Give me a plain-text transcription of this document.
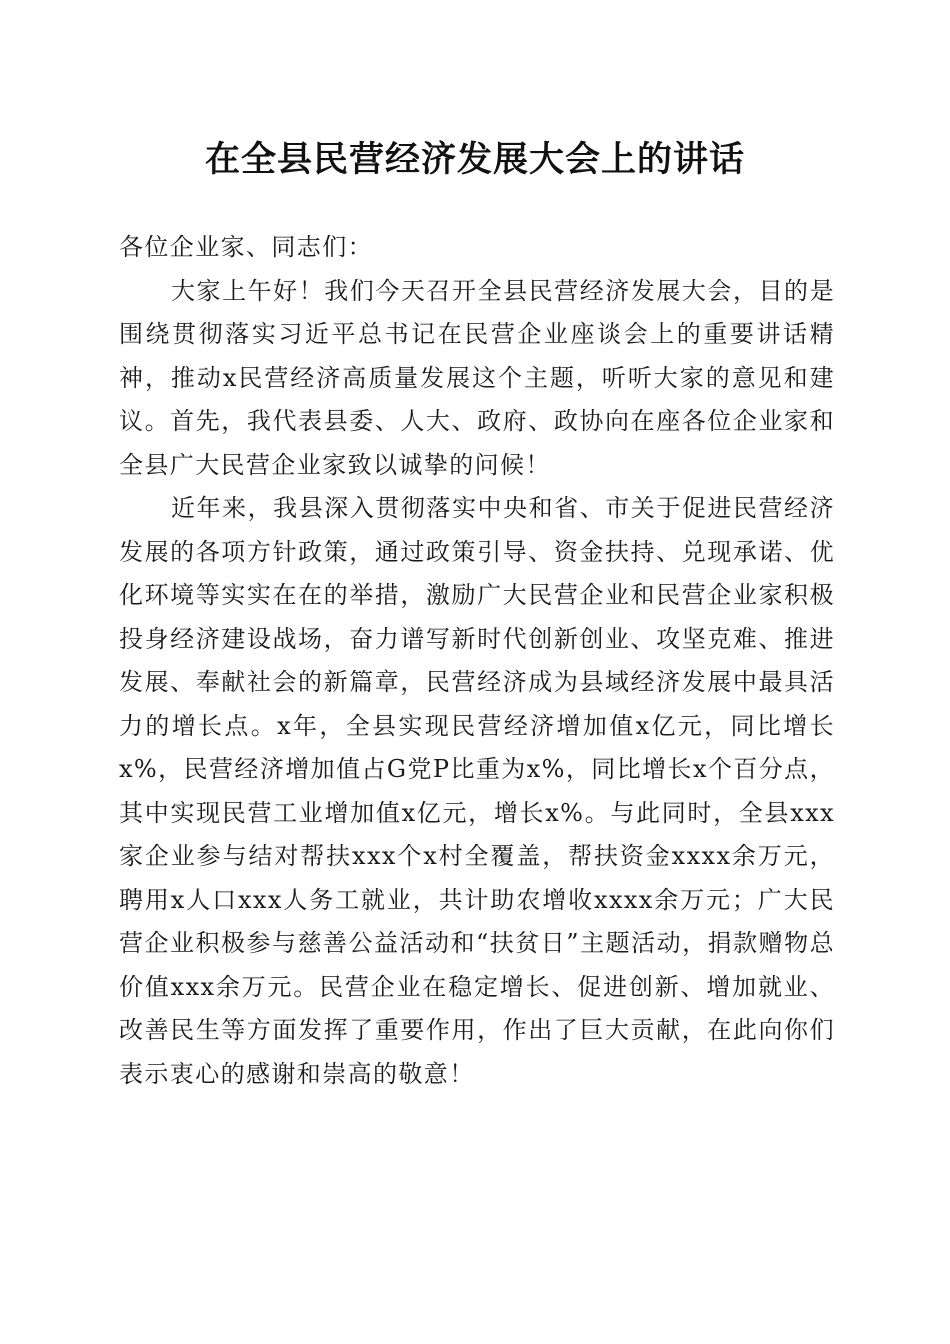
在全县民营经济发展大会上的讲话

各位企业家、同志们：

大家上午好！我们今天召开全县民营经济发展大会，目的是围绕贯彻落实习近平总书记在民营企业座谈会上的重要讲话精神，推动x民营经济高质量发展这个主题，听听大家的意见和建议。首先，我代表县委、人大、政府、政协向在座各位企业家和全县广大民营企业家致以诚挚的问候！

近年来，我县深入贯彻落实中央和省、市关于促进民营经济发展的各项方针政策，通过政策引导、资金扶持、兑现承诺、优化环境等实实在在的举措，激励广大民营企业和民营企业家积极投身经济建设战场，奋力谱写新时代创新创业、攻坚克难、推进发展、奉献社会的新篇章，民营经济成为县域经济发展中最具活力的增长点。x年，全县实现民营经济增加值x亿元，同比增长x%，民营经济增加值占G党P比重为x%，同比增长x个百分点，其中实现民营工业增加值x亿元，增长x%。与此同时，全县xxx家企业参与结对帮扶xxx个x村全覆盖，帮扶资金xxxx余万元，聘用x人口xxx人务工就业，共计助农增收xxxx余万元；广大民营企业积极参与慈善公益活动和“扶贫日”主题活动，捐款赠物总价值xxx余万元。民营企业在稳定增长、促进创新、增加就业、改善民生等方面发挥了重要作用，作出了巨大贡献，在此向你们表示衷心的感谢和崇高的敬意！
